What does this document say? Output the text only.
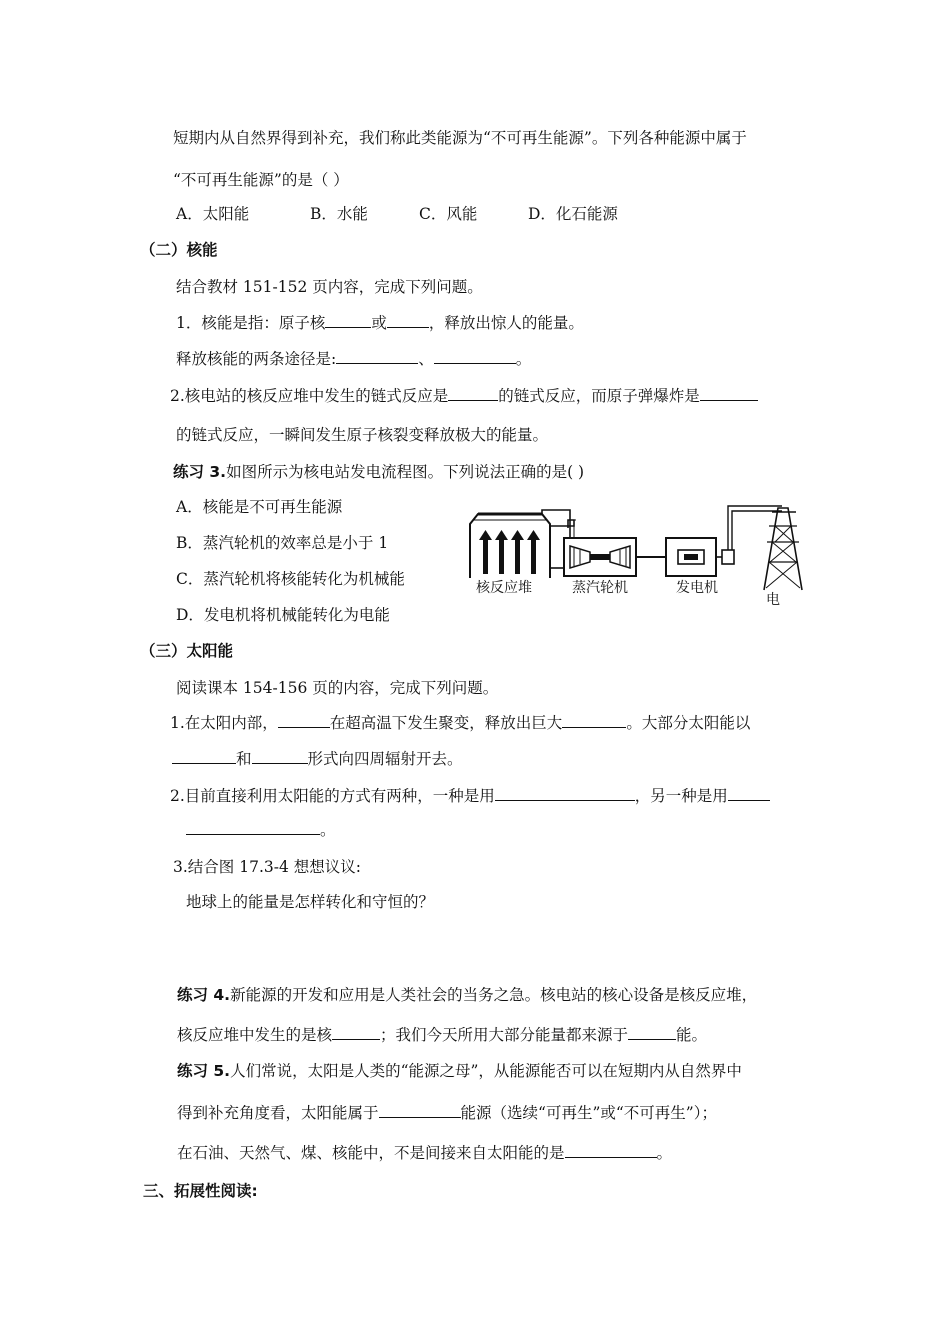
短期内从自然界得到补充，我们称此类能源为“不可再生能源”。下列各种能源中属于
“不可再生能源”的是（ ）
A．太阳能	B．水能	C．风能	D．化石能源
（二）核能
结合教材 151-152 页内容，完成下列问题。
1．核能是指：原子核	或	，释放出惊人的能量。
释放核能的两条途径是:	、	。
2.核电站的核反应堆中发生的链式反应是	的链式反应，而原子弹爆炸是
的链式反应，一瞬间发生原子核裂变释放极大的能量。
练习 3.如图所示为核电站发电流程图。下列说法正确的是( )
A．核能是不可再生能源
B．蒸汽轮机的效率总是小于 1
C．蒸汽轮机将核能转化为机械能
D．发电机将机械能转化为电能
核反应堆	蒸汽轮机	发电机
电
（三）太阳能
阅读课本 154-156 页的内容，完成下列问题。
1.在太阳内部，	在超高温下发生聚变，释放出巨大	。大部分太阳能以
和	形式向四周辐射开去。
2.目前直接利用太阳能的方式有两种，一种是用	，另一种是用
。
3.结合图 17.3-4 想想议议:
地球上的能量是怎样转化和守恒的？
练习 4.新能源的开发和应用是人类社会的当务之急。核电站的核心设备是核反应堆，
核反应堆中发生的是核	；我们今天所用大部分能量都来源于	能。
练习 5.人们常说，太阳是人类的“能源之母”，从能源能否可以在短期内从自然界中
得到补充角度看，太阳能属于	能源（选续“可再生”或“不可再生”）；
在石油、天然气、煤、核能中，不是间接来自太阳能的是	。
三、拓展性阅读:
